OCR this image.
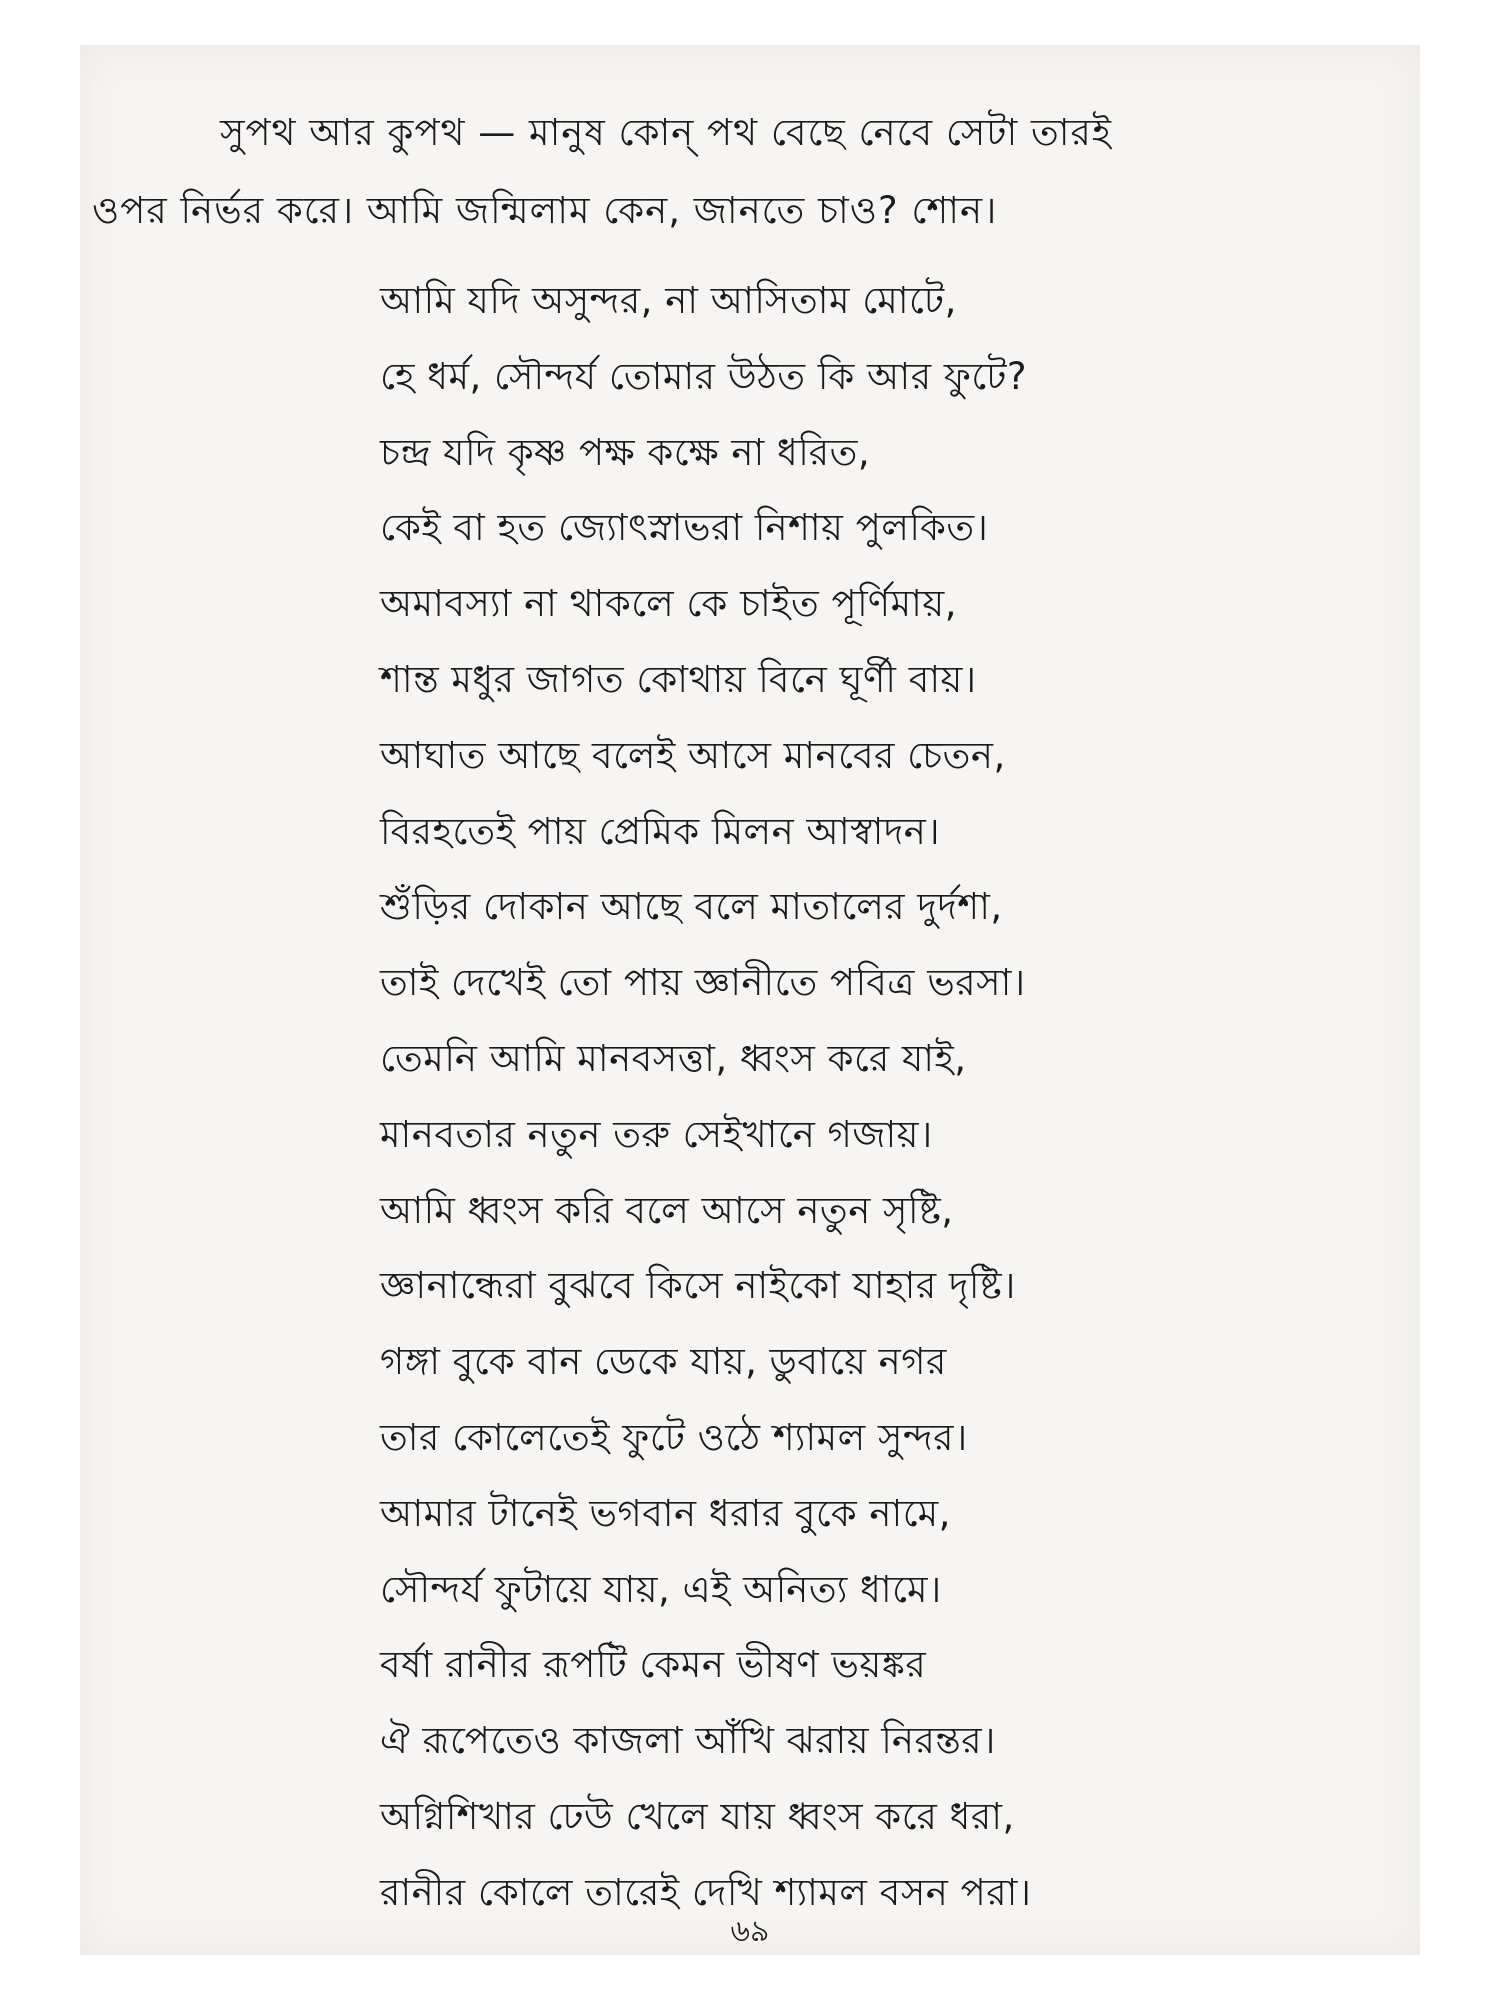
সুপথ আর কুপথ — মানুষ কোন্ পথ বেছে নেবে সেটা তারই
ওপর নির্ভর করে। আমি জন্মিলাম কেন, জানতে চাও? শোন।
আমি যদি অসুন্দর, না আসিতাম মোটে,
হে ধর্ম, সৌন্দর্য তোমার উঠত কি আর ফুটে?
চন্দ্র যদি কৃষ্ণ পক্ষ কক্ষে না ধরিত,
কেই বা হত জ্যোৎস্নাভরা নিশায় পুলকিত।
অমাবস্যা না থাকলে কে চাইত পূর্ণিমায়,
শান্ত মধুর জাগত কোথায় বিনে ঘূর্ণী বায়।
আঘাত আছে বলেই আসে মানবের চেতন,
বিরহতেই পায় প্রেমিক মিলন আস্বাদন।
শুঁড়ির দোকান আছে বলে মাতালের দুর্দশা,
তাই দেখেই তো পায় জ্ঞানীতে পবিত্র ভরসা।
তেমনি আমি মানবসত্তা, ধ্বংস করে যাই,
মানবতার নতুন তরু সেইখানে গজায়।
আমি ধ্বংস করি বলে আসে নতুন সৃষ্টি,
জ্ঞানান্ধেরা বুঝবে কিসে নাইকো যাহার দৃষ্টি।
গঙ্গা বুকে বান ডেকে যায়, ডুবায়ে নগর
তার কোলেতেই ফুটে ওঠে শ্যামল সুন্দর।
আমার টানেই ভগবান ধরার বুকে নামে,
সৌন্দর্য ফুটায়ে যায়, এই অনিত্য ধামে।
বর্ষা রানীর রূপটি কেমন ভীষণ ভয়ঙ্কর
ঐ রূপেতেও কাজলা আঁখি ঝরায় নিরন্তর।
অগ্নিশিখার ঢেউ খেলে যায় ধ্বংস করে ধরা,
রানীর কোলে তারেই দেখি শ্যামল বসন পরা।
৬৯
